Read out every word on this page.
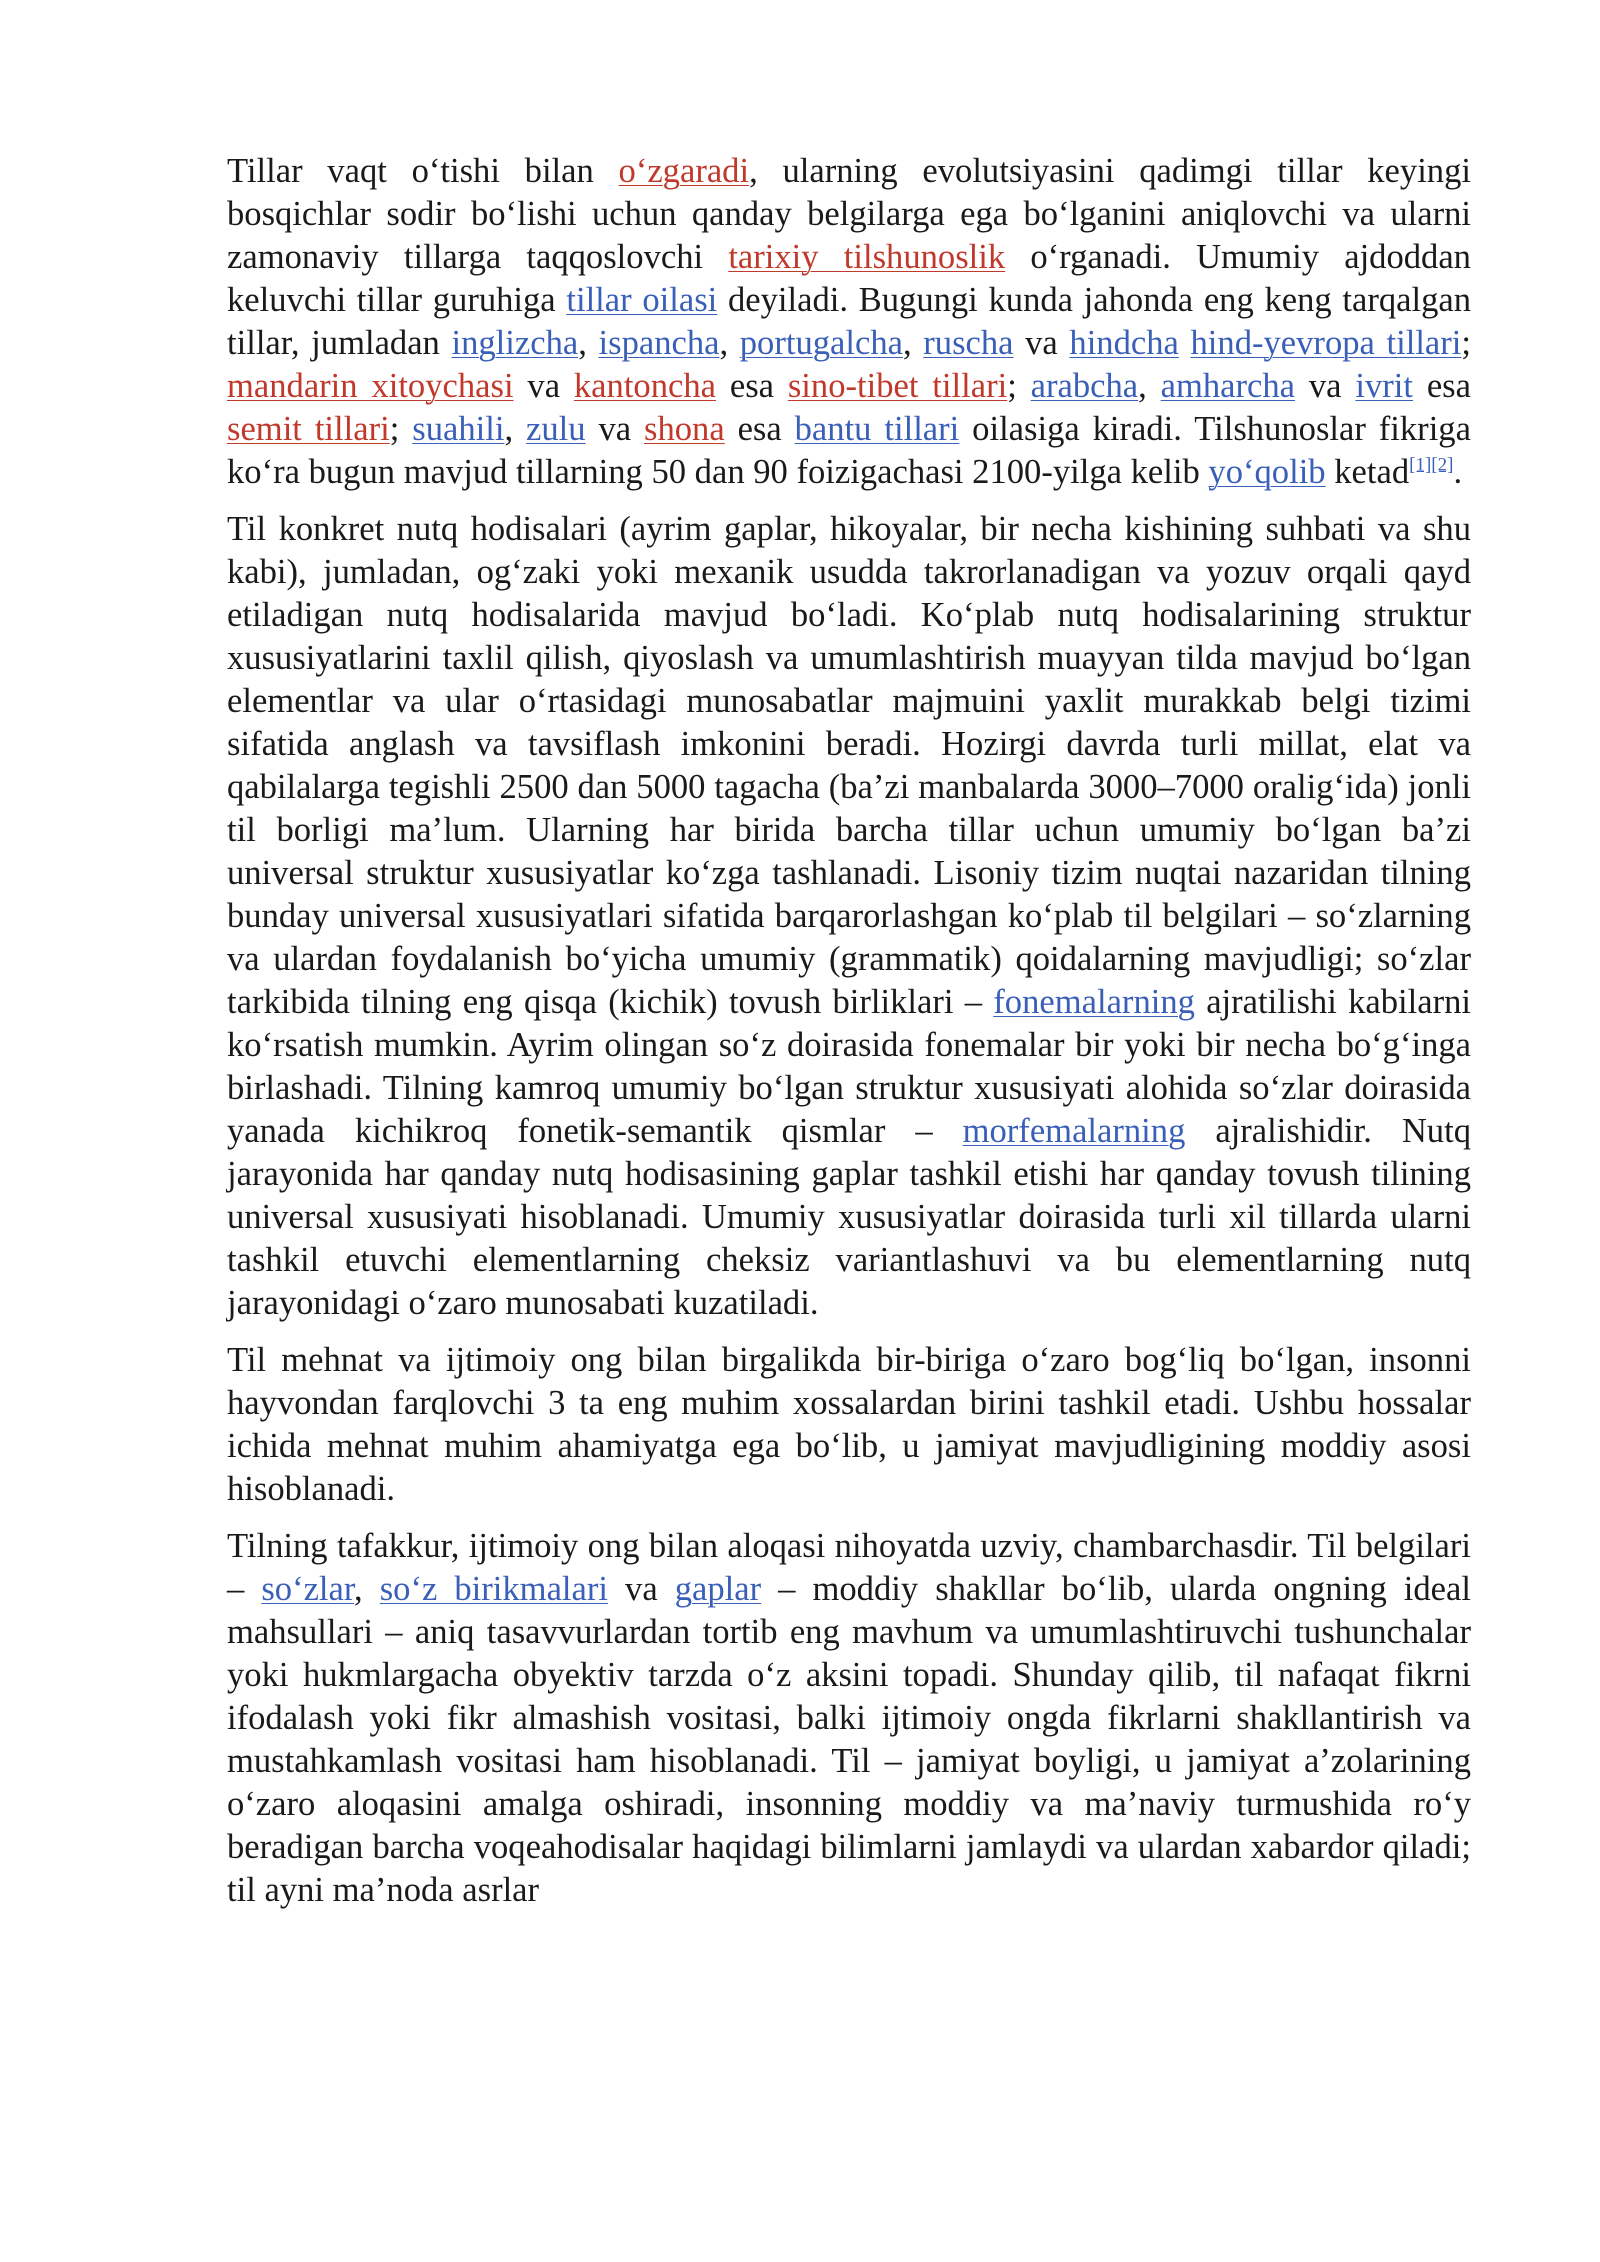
Tillar vaqt o‘tishi bilan o‘zgaradi, ularning evolutsiyasini qadimgi tillar keyingi bosqichlar sodir bo‘lishi uchun qanday belgilarga ega bo‘lganini aniqlovchi va ularni zamonaviy tillarga taqqoslovchi tarixiy tilshunoslik o‘rganadi. Umumiy ajdoddan keluvchi tillar guruhiga tillar oilasi deyiladi. Bugungi kunda jahonda eng keng tarqalgan tillar, jumladan inglizcha, ispancha, portugalcha, ruscha va hindcha hind-yevropa tillari; mandarin xitoychasi va kantoncha esa sino-tibet tillari; arabcha, amharcha va ivrit esa semit tillari; suahili, zulu va shona esa bantu tillari oilasiga kiradi. Tilshunoslar fikriga ko‘ra bugun mavjud tillarning 50 dan 90 foizigachasi 2100-yilga kelib yo‘qolib ketad[1][2].

Til konkret nutq hodisalari (ayrim gaplar, hikoyalar, bir necha kishining suhbati va shu kabi), jumladan, og‘zaki yoki mexanik usudda takrorlanadigan va yozuv orqali qayd etiladigan nutq hodisalarida mavjud bo‘ladi. Ko‘plab nutq hodisalarining struktur xususiyatlarini taxlil qilish, qiyoslash va umumlashtirish muayyan tilda mavjud bo‘lgan elementlar va ular o‘rtasidagi munosabatlar majmuini yaxlit murakkab belgi tizimi sifatida anglash va tavsiflash imkonini beradi. Hozirgi davrda turli millat, elat va qabilalarga tegishli 2500 dan 5000 tagacha (ba’zi manbalarda 3000–7000 oralig‘ida) jonli til borligi ma’lum. Ularning har birida barcha tillar uchun umumiy bo‘lgan ba’zi universal struktur xususiyatlar ko‘zga tashlanadi. Lisoniy tizim nuqtai nazaridan tilning bunday universal xususiyatlari sifatida barqarorlashgan ko‘plab til belgilari – so‘zlarning va ulardan foydalanish bo‘yicha umumiy (grammatik) qoidalarning mavjudligi; so‘zlar tarkibida tilning eng qisqa (kichik) tovush birliklari – fonemalarning ajratilishi kabilarni ko‘rsatish mumkin. Ayrim olingan so‘z doirasida fonemalar bir yoki bir necha bo‘g‘inga birlashadi. Tilning kamroq umumiy bo‘lgan struktur xususiyati alohida so‘zlar doirasida yanada kichikroq fonetik-semantik qismlar – morfemalarning ajralishidir. Nutq jarayonida har qanday nutq hodisasining gaplar tashkil etishi har qanday tovush tilining universal xususiyati hisoblanadi. Umumiy xususiyatlar doirasida turli xil tillarda ularni tashkil etuvchi elementlarning cheksiz variantlashuvi va bu elementlarning nutq jarayonidagi o‘zaro munosabati kuzatiladi.

Til mehnat va ijtimoiy ong bilan birgalikda bir-biriga o‘zaro bog‘liq bo‘lgan, insonni hayvondan farqlovchi 3 ta eng muhim xossalardan birini tashkil etadi. Ushbu hossalar ichida mehnat muhim ahamiyatga ega bo‘lib, u jamiyat mavjudligining moddiy asosi hisoblanadi.

Tilning tafakkur, ijtimoiy ong bilan aloqasi nihoyatda uzviy, chambarchasdir. Til belgilari – so‘zlar, so‘z birikmalari va gaplar – moddiy shakllar bo‘lib, ularda ongning ideal mahsullari – aniq tasavvurlardan tortib eng mavhum va umumlashtiruvchi tushunchalar yoki hukmlargacha obyektiv tarzda o‘z aksini topadi. Shunday qilib, til nafaqat fikrni ifodalash yoki fikr almashish vositasi, balki ijtimoiy ongda fikrlarni shakllantirish va mustahkamlash vositasi ham hisoblanadi. Til – jamiyat boyligi, u jamiyat a’zolarining o‘zaro aloqasini amalga oshiradi, insonning moddiy va ma’naviy turmushida ro‘y beradigan barcha voqeahodisalar haqidagi bilimlarni jamlaydi va ulardan xabardor qiladi; til ayni ma’noda asrlar
